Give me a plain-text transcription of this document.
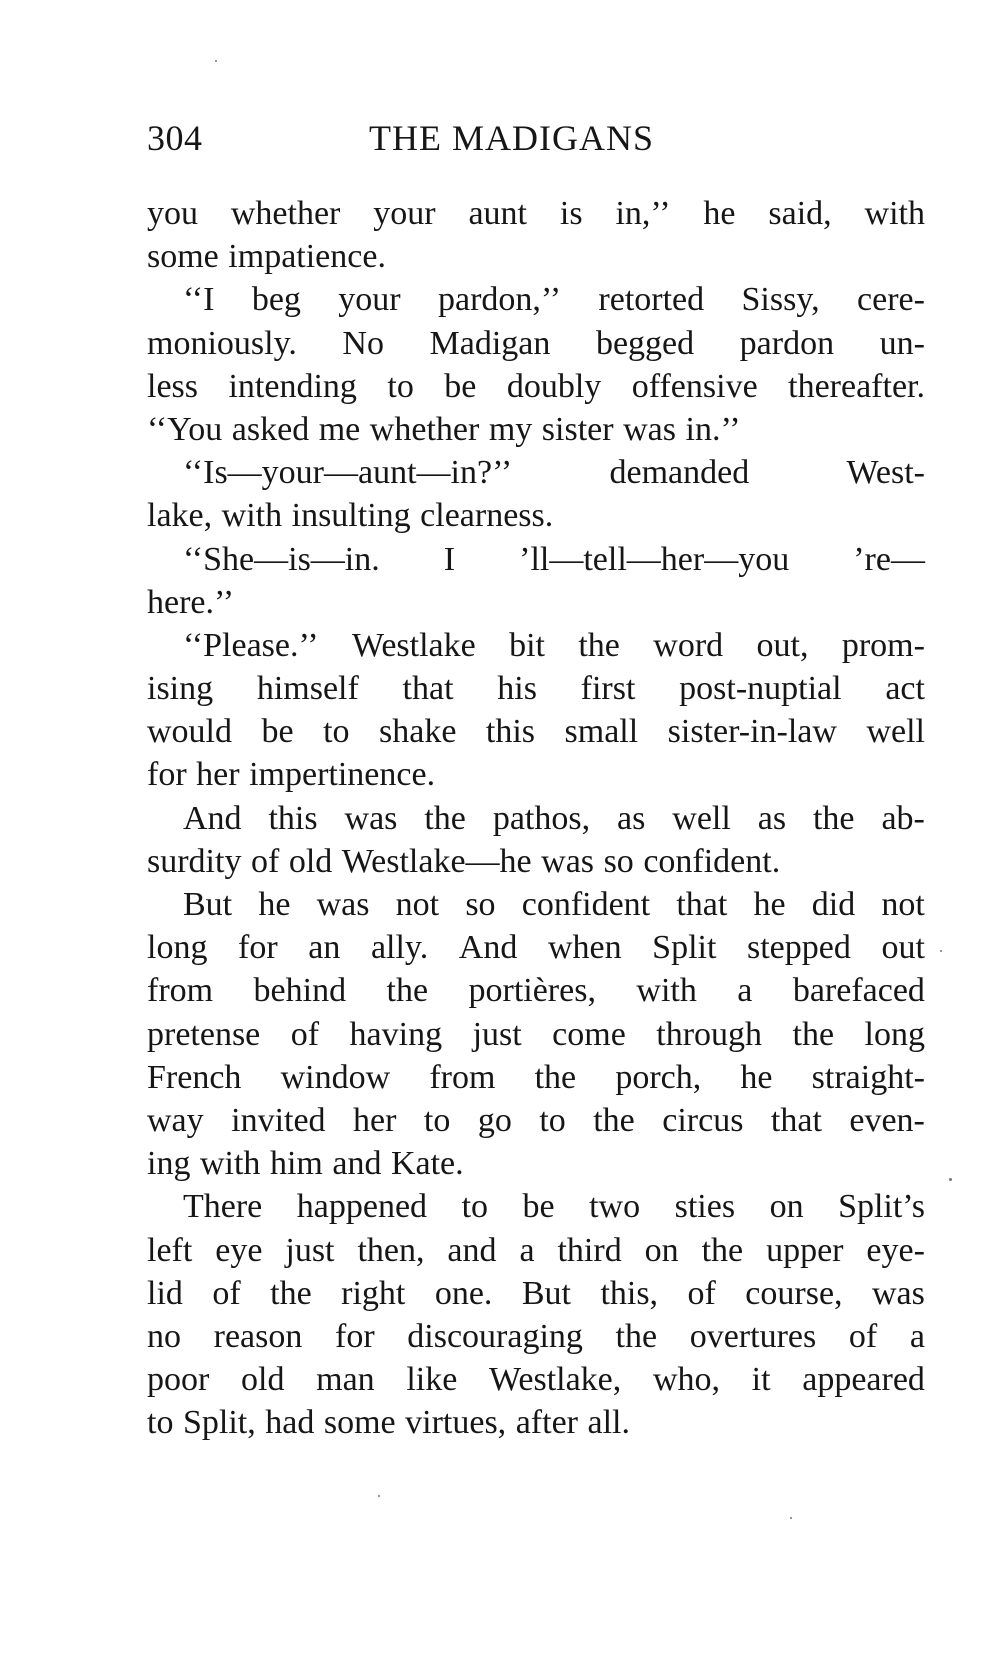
304	THE MADIGANS
you whether your aunt is in,’’ he said, with
some impatience.
‘‘I beg your pardon,’’ retorted Sissy, cere-
moniously. No Madigan begged pardon un-
less intending to be doubly offensive thereafter.
‘‘You asked me whether my sister was in.’’
‘‘Is—your—aunt—in?’’	demanded	West-
lake, with insulting clearness.
‘‘She—is—in. I ’ll—tell—her—you ’re—
here.’’
‘‘Please.’’ Westlake bit the word out, prom-
ising himself that his first post-nuptial act
would be to shake this small sister-in-law well
for her impertinence.
And this was the pathos, as well as the ab-
surdity of old Westlake—he was so confident.
But he was not so confident that he did not
long for an ally. And when Split stepped out
from behind the portières, with a barefaced
pretense of having just come through the long
French window from the porch, he straight-
way invited her to go to the circus that even-
ing with him and Kate.
There happened to be two sties on Split’s
left eye just then, and a third on the upper eye-
lid of the right one. But this, of course, was
no reason for discouraging the overtures of a
poor old man like Westlake, who, it appeared
to Split, had some virtues, after all.
